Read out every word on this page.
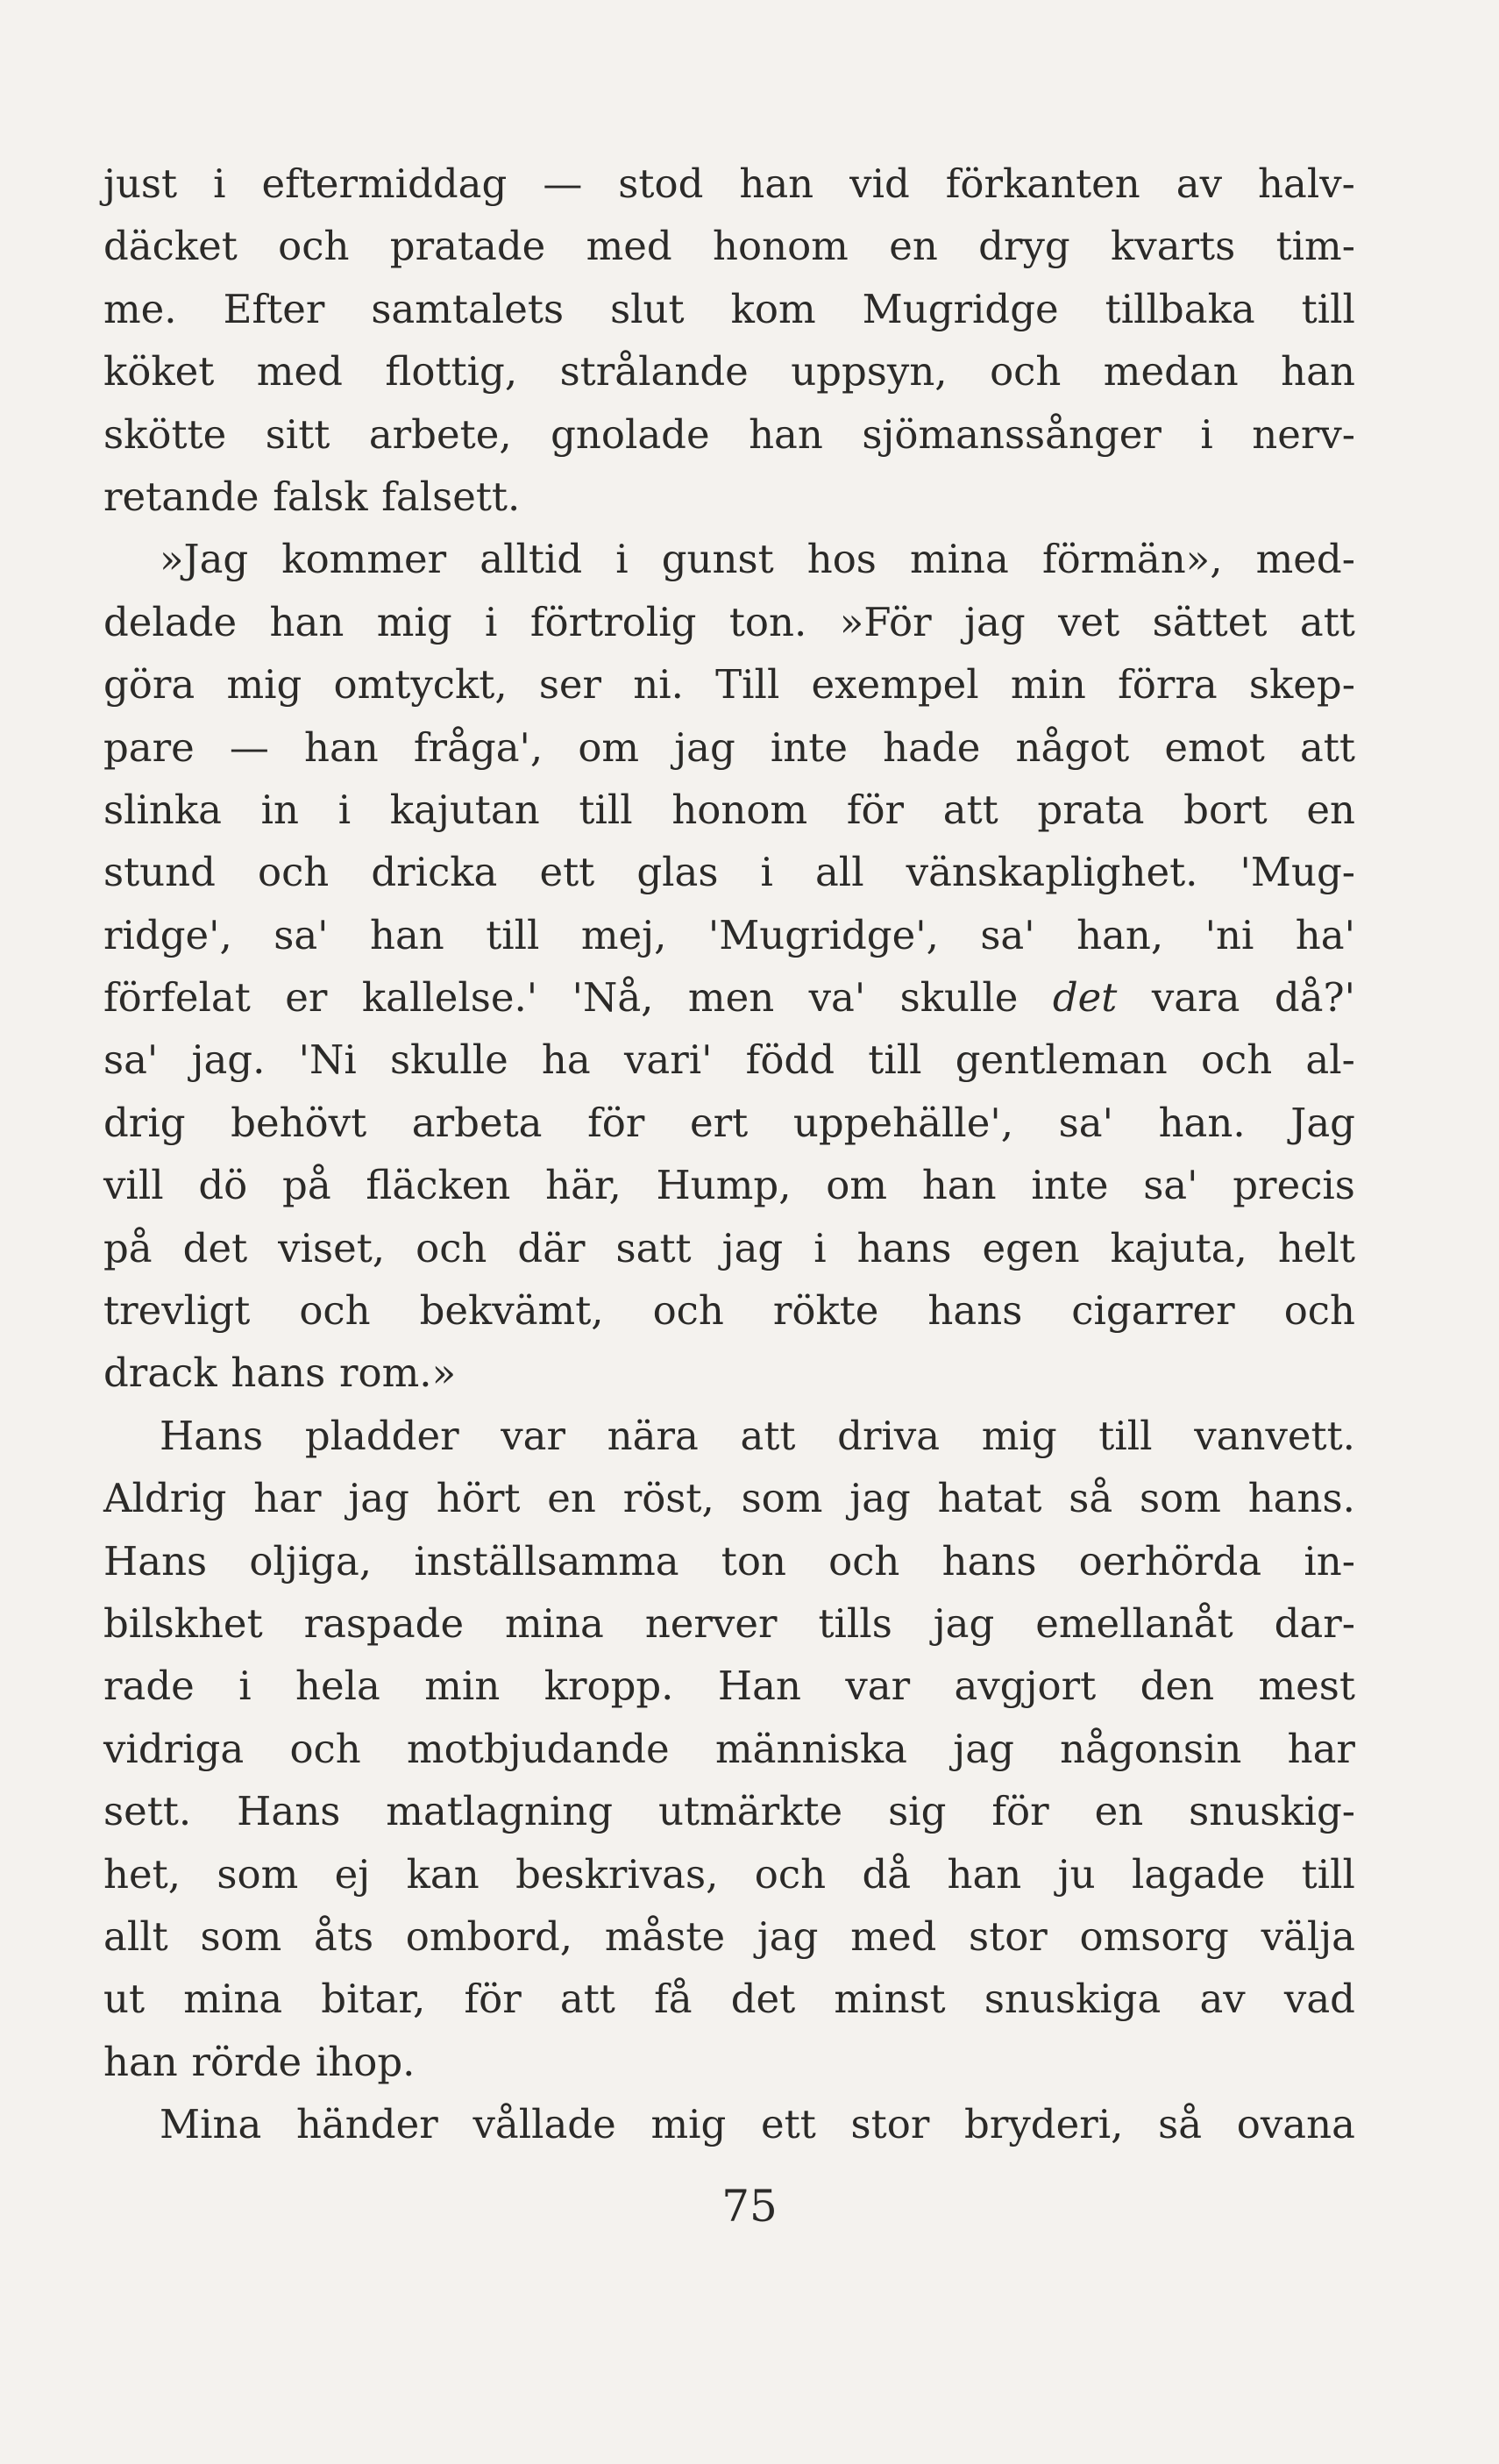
just i eftermiddag — stod han vid förkanten av halv-
däcket och pratade med honom en dryg kvarts tim-
me. Efter samtalets slut kom Mugridge tillbaka till
köket med flottig, strålande uppsyn, och medan han
skötte sitt arbete, gnolade han sjömanssånger i nerv-
retande falsk falsett.
»Jag kommer alltid i gunst hos mina förmän», med-
delade han mig i förtrolig ton. »För jag vet sättet att
göra mig omtyckt, ser ni. Till exempel min förra skep-
pare — han fråga', om jag inte hade något emot att
slinka in i kajutan till honom för att prata bort en
stund och dricka ett glas i all vänskaplighet. 'Mug-
ridge', sa' han till mej, 'Mugridge', sa' han, 'ni ha'
förfelat er kallelse.' 'Nå, men va' skulle det vara då?'
sa' jag. 'Ni skulle ha vari' född till gentleman och al-
drig behövt arbeta för ert uppehälle', sa' han. Jag
vill dö på fläcken här, Hump, om han inte sa' precis
på det viset, och där satt jag i hans egen kajuta, helt
trevligt och bekvämt, och rökte hans cigarrer och
drack hans rom.»
Hans pladder var nära att driva mig till vanvett.
Aldrig har jag hört en röst, som jag hatat så som hans.
Hans oljiga, inställsamma ton och hans oerhörda in-
bilskhet raspade mina nerver tills jag emellanåt dar-
rade i hela min kropp. Han var avgjort den mest
vidriga och motbjudande människa jag någonsin har
sett. Hans matlagning utmärkte sig för en snuskig-
het, som ej kan beskrivas, och då han ju lagade till
allt som åts ombord, måste jag med stor omsorg välja
ut mina bitar, för att få det minst snuskiga av vad
han rörde ihop.
Mina händer vållade mig ett stor bryderi, så ovana
75
